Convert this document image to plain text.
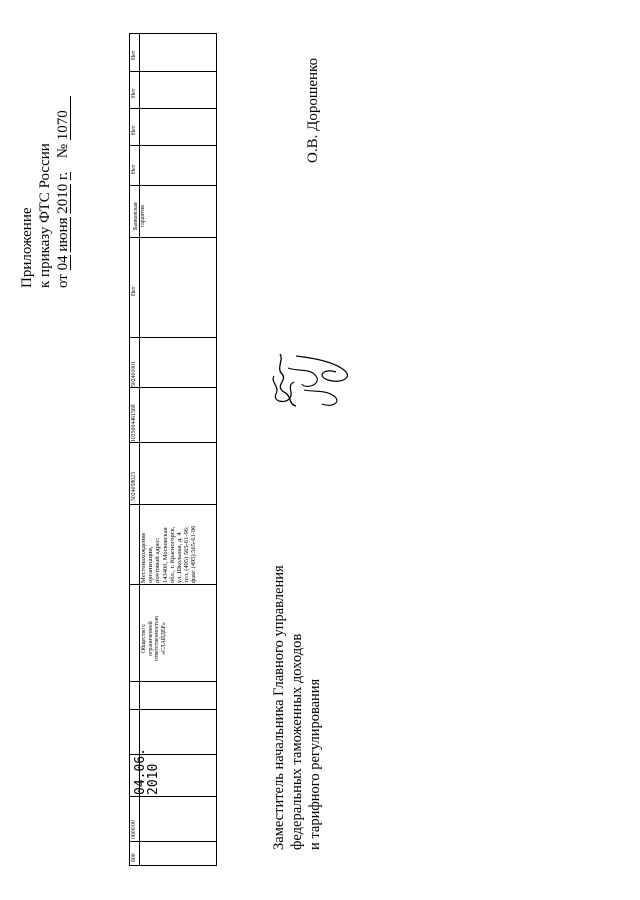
Приложение к приказу ФТС России от 04 июня 2010 г.  № 1070
Нет
Нет
Нет
Нет
Банковская
гарантия
Нет
502401001
1035004461568
5024058023
Местонахождение
организации,
почтовый адрес:
143400, Московская
обл., г. Красногорск,
ул. Школьная, д. 4
тел. (495) 565-61-96;
факс (495) 565-61-96
Общество с
ограниченной
ответственностью
«СЛАЙДЕР»
04.06.
2010
0600/00
600
Заместитель начальника Главного управления федеральных таможенных доходов и тарифного регулирования
О.В. Дорошенко
